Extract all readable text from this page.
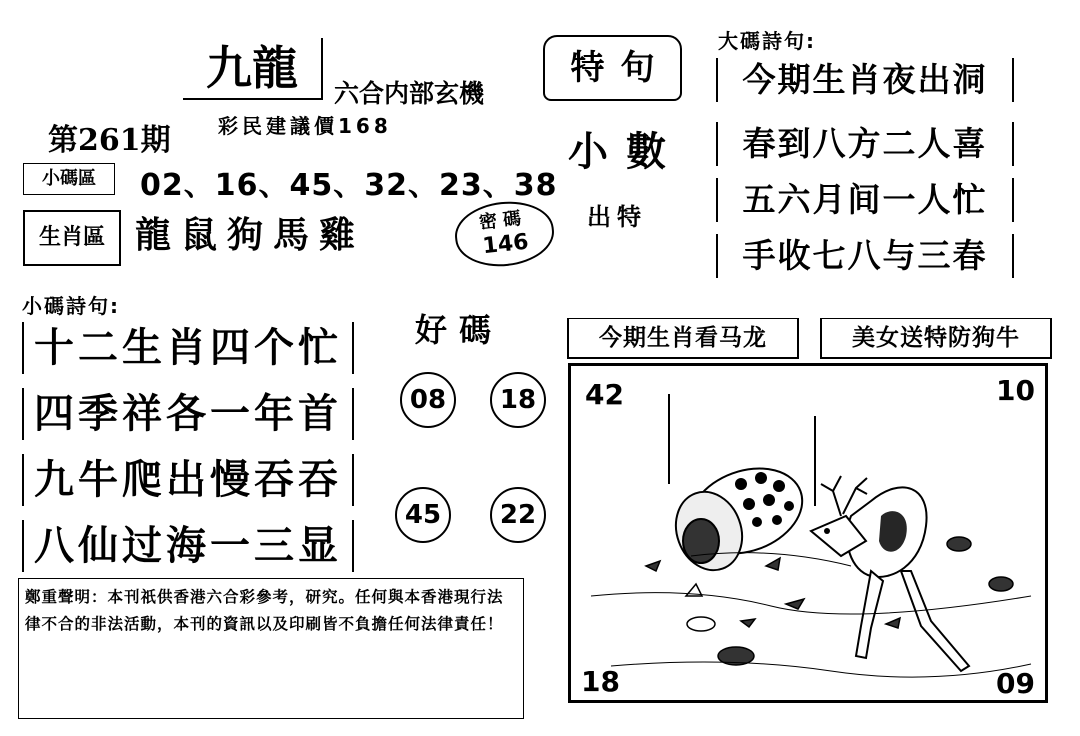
九龍	六合内部玄機
第261期 彩民建議價168
小碼區	02、16、45、32、23、38
生肖區 龍鼠狗馬雞	密碼
146
特句
小數
出特
大碼詩句:
今期生肖夜出洞
春到八方二人喜
五六月间一人忙
手收七八与三春
小碼詩句:
十二生肖四个忙
四季祥各一年首
九牛爬出慢吞吞
八仙过海一三显
好碼
08	18
45	22
今期生肖看马龙	美女送特防狗牛
42	10
18	09
鄭重聲明：本刊祇供香港六合彩參考，研究。任何與本香港現行法律不合的非法活動，本刊的資訊以及印刷皆不負擔任何法律責任！
